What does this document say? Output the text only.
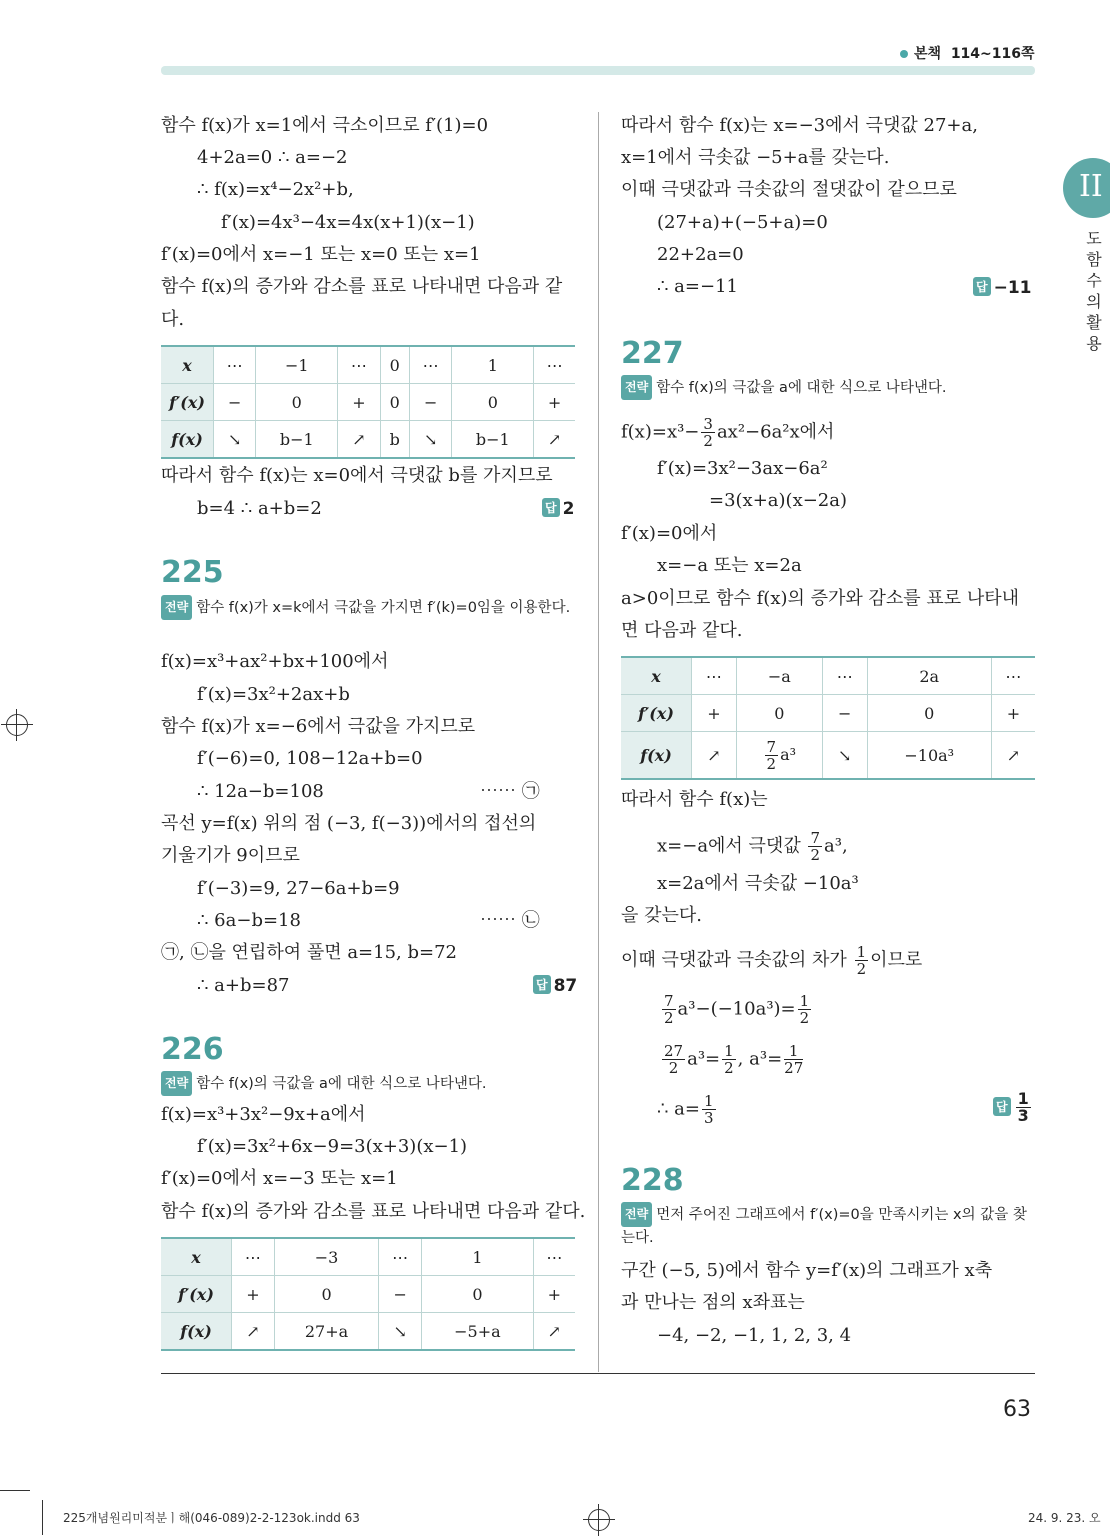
본책 114~116쪽
II
도함수의 활용
함수 f(x)가 x=1에서 극소이므로 f′(1)=0
4+2a=0 ∴ a=−2
∴ f(x)=x⁴−2x²+b,
f′(x)=4x³−4x=4x(x+1)(x−1)
f′(x)=0에서 x=−1 또는 x=0 또는 x=1
함수 f(x)의 증가와 감소를 표로 나타내면 다음과 같
다.
x	⋯	−1	⋯	0	⋯	1	⋯
f′(x)	−	0	+	0	−	0	+
f(x)	↘	b−1	↗	b	↘	b−1	↗
따라서 함수 f(x)는 x=0에서 극댓값 b를 가지므로
b=4 ∴ a+b=2	답 2
225
전략 함수 f(x)가 x=k에서 극값을 가지면 f′(k)=0임을 이용한다.
f(x)=x³+ax²+bx+100에서
f′(x)=3x²+2ax+b
함수 f(x)가 x=−6에서 극값을 가지므로
f′(−6)=0, 108−12a+b=0
∴ 12a−b=108	⋯⋯ ㉠
곡선 y=f(x) 위의 점 (−3, f(−3))에서의 접선의
기울기가 9이므로
f′(−3)=9, 27−6a+b=9
∴ 6a−b=18	⋯⋯ ㉡
㉠, ㉡을 연립하여 풀면 a=15, b=72
∴ a+b=87	답 87
226
전략 함수 f(x)의 극값을 a에 대한 식으로 나타낸다.
f(x)=x³+3x²−9x+a에서
f′(x)=3x²+6x−9=3(x+3)(x−1)
f′(x)=0에서 x=−3 또는 x=1
함수 f(x)의 증가와 감소를 표로 나타내면 다음과 같다.
x	⋯	−3	⋯	1	⋯
f′(x)	+	0	−	0	+
f(x)	↗	27+a	↘	−5+a	↗
따라서 함수 f(x)는 x=−3에서 극댓값 27+a,
x=1에서 극솟값 −5+a를 갖는다.
이때 극댓값과 극솟값의 절댓값이 같으므로
(27+a)+(−5+a)=0
22+2a=0
∴ a=−11	답 −11
227
전략 함수 f(x)의 극값을 a에 대한 식으로 나타낸다.
$f(x)=x^3- \frac{3}{2} ax^2-6a^2x$에서
f′(x)=3x²−3ax−6a²
=3(x+a)(x−2a)
f′(x)=0에서
x=−a 또는 x=2a
a>0이므로 함수 f(x)의 증가와 감소를 표로 나타내
면 다음과 같다.
x	⋯	−a	⋯	2a	⋯
f′(x)	+	0	−	0	+
f(x)	↗	$\frac{7}{2} a^3$	↘	−10a³	↗
따라서 함수 f(x)는
x=−a에서 극댓값 $\frac{7}{2} a^3$,
x=2a에서 극솟값 −10a³
을 갖는다.
이때 극댓값과 극솟값의 차가 $\frac{1}{2}$ 이므로
$\frac{7}{2} a^3-(-10a^3)= \frac{1}{2}$
$\frac{27}{2} a^3= \frac{1}{2}$ , $a^3= \frac{1}{27}$
∴ $a= \frac{1}{3}$	답 $\frac{1}{3}$
228
전략 먼저 주어진 그래프에서 f′(x)=0을 만족시키는 x의 값을 찾는다.
구간 (−5, 5)에서 함수 y=f′(x)의 그래프가 x축
과 만나는 점의 x좌표는
−4, −2, −1, 1, 2, 3, 4
63
225개념원리미적분ㅣ해(046-089)2-2-123ok.indd 63	24. 9. 23. 오
